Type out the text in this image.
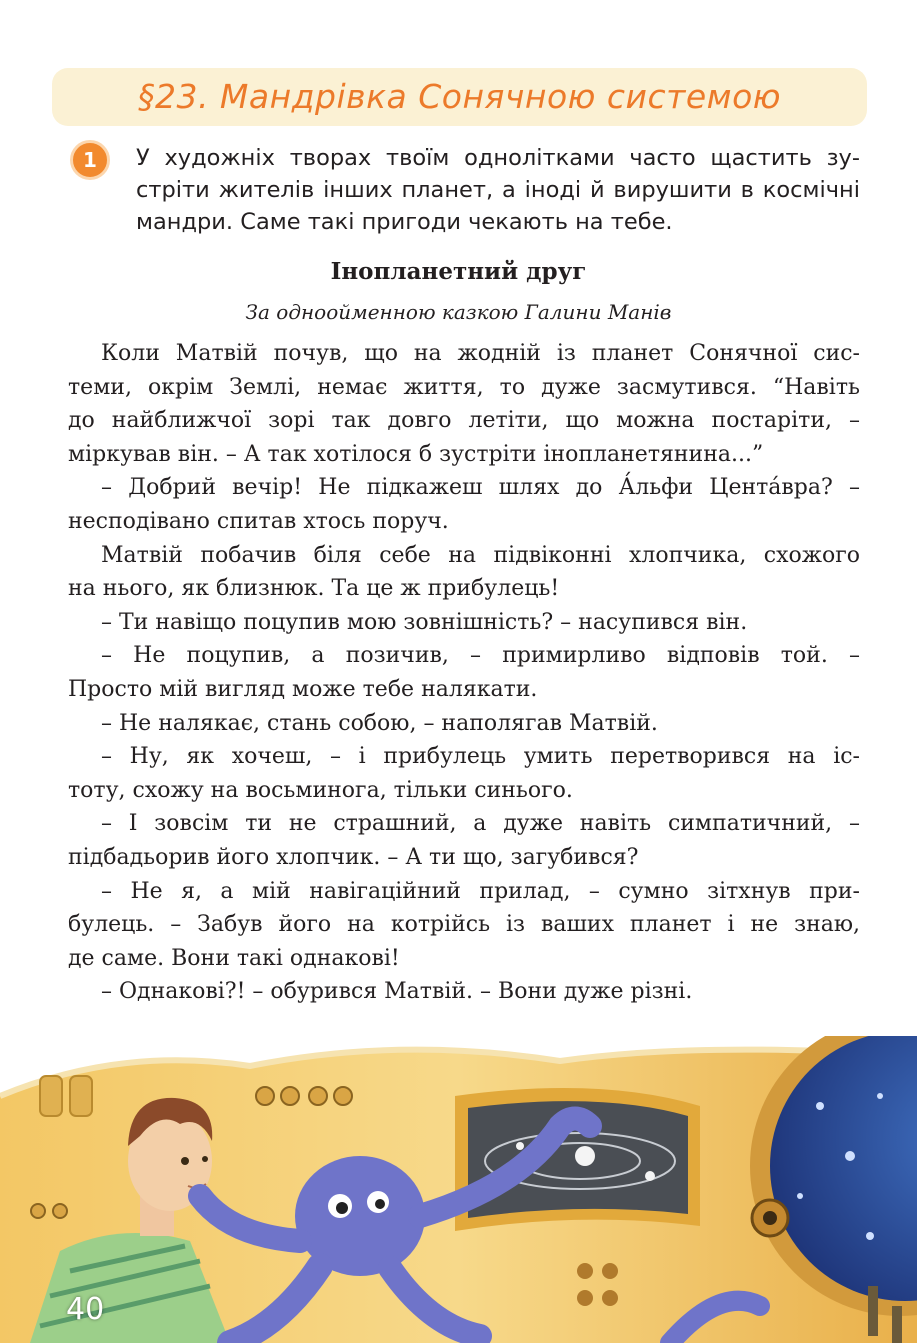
§23. Мандрівка Сонячною системою
1	У художніх творах твоїм однолітками часто щастить зу-
стріти жителів інших планет, а іноді й вирушити в космічні
мандри. Саме такі пригоди чекають на тебе.
Інопланетний друг
За одноойменною казкою Галини Манів
Коли Матвій почув, що на жодній із планет Сонячної сис-
теми, окрім Землі, немає життя, то дуже засмутився. “Навіть
до найближчої зорі так довго летіти, що можна постаріти, –
міркував він. – А так хотілося б зустріти інопланетянина...”
– Добрий вечір! Не підкажеш шлях до А́льфи Цента́вра? –
несподівано спитав хтось поруч.
Матвій побачив біля себе на підвіконні хлопчика, схожого
на нього, як близнюк. Та це ж прибулець!
– Ти навіщо поцупив мою зовнішність? – насупився він.
– Не поцупив, а позичив, – примирливо відповів той. –
Просто мій вигляд може тебе налякати.
– Не налякає, стань собою, – наполягав Матвій.
– Ну, як хочеш, – і прибулець умить перетворився на іс-
тоту, схожу на восьминога, тільки синього.
– І зовсім ти не страшний, а дуже навіть симпатичний, –
підбадьорив його хлопчик. – А ти що, загубився?
– Не я, а мій навігаційний прилад, – сумно зітхнув при-
булець. – Забув його на котрійсь із ваших планет і не знаю,
де саме. Вони такі однакові!
– Однакові?! – обурився Матвій. – Вони дуже різні.
40
